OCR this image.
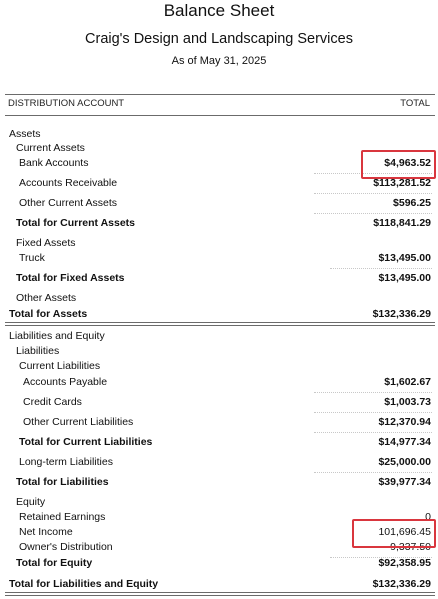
Balance Sheet
Craig's Design and Landscaping Services
As of May 31, 2025
DISTRIBUTION ACCOUNT	TOTAL
Assets
Current Assets
Bank Accounts	$4,963.52
Accounts Receivable	$113,281.52
Other Current Assets	$596.25
Total for Current Assets	$118,841.29
Fixed Assets
Truck	$13,495.00
Total for Fixed Assets	$13,495.00
Other Assets
Total for Assets	$132,336.29
Liabilities and Equity
Liabilities
Current Liabilities
Accounts Payable	$1,602.67
Credit Cards	$1,003.73
Other Current Liabilities	$12,370.94
Total for Current Liabilities	$14,977.34
Long-term Liabilities	$25,000.00
Total for Liabilities	$39,977.34
Equity
Retained Earnings	0
Net Income	101,696.45
Owner's Distribution	-9,337.50
Total for Equity	$92,358.95
Total for Liabilities and Equity	$132,336.29
